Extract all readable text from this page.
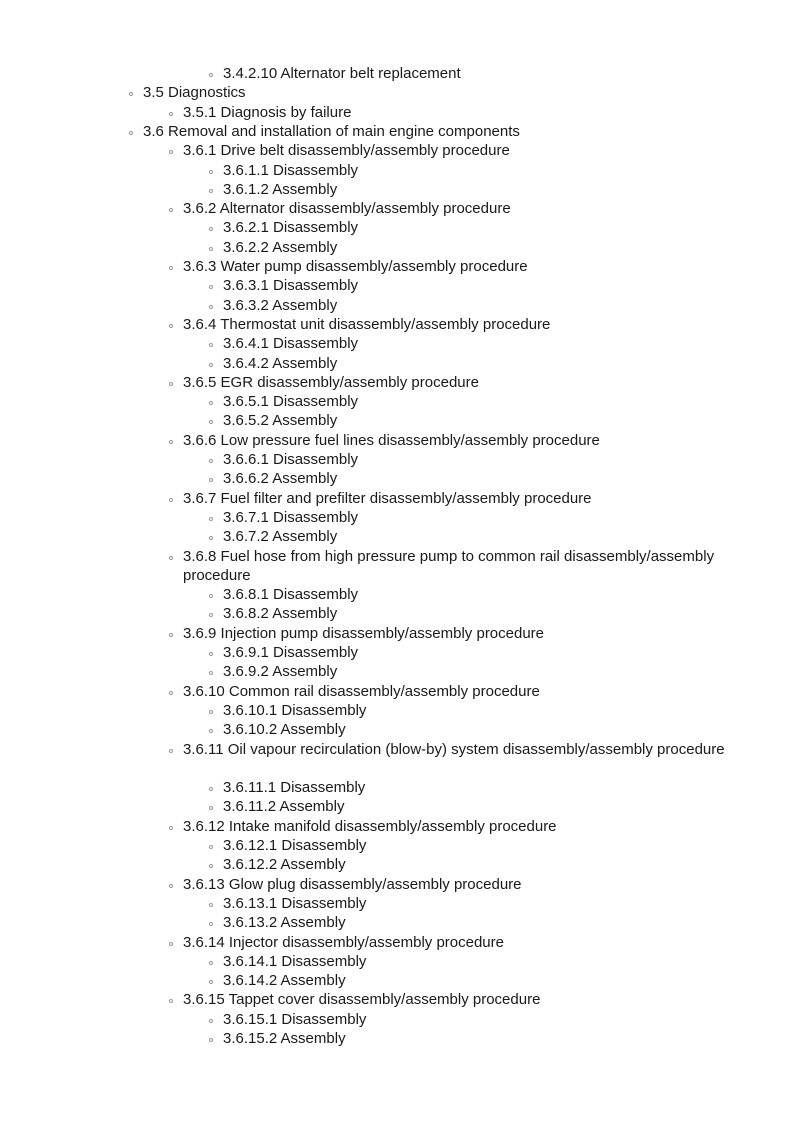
3.4.2.10 Alternator belt replacement
3.5 Diagnostics
3.5.1 Diagnosis by failure
3.6 Removal and installation of main engine components
3.6.1 Drive belt disassembly/assembly procedure
3.6.1.1 Disassembly
3.6.1.2 Assembly
3.6.2 Alternator disassembly/assembly procedure
3.6.2.1 Disassembly
3.6.2.2 Assembly
3.6.3 Water pump disassembly/assembly procedure
3.6.3.1 Disassembly
3.6.3.2 Assembly
3.6.4 Thermostat unit disassembly/assembly procedure
3.6.4.1 Disassembly
3.6.4.2 Assembly
3.6.5 EGR disassembly/assembly procedure
3.6.5.1 Disassembly
3.6.5.2 Assembly
3.6.6 Low pressure fuel lines disassembly/assembly procedure
3.6.6.1 Disassembly
3.6.6.2 Assembly
3.6.7 Fuel filter and prefilter disassembly/assembly procedure
3.6.7.1 Disassembly
3.6.7.2 Assembly
3.6.8 Fuel hose from high pressure pump to common rail disassembly/assembly procedure
3.6.8.1 Disassembly
3.6.8.2 Assembly
3.6.9 Injection pump disassembly/assembly procedure
3.6.9.1 Disassembly
3.6.9.2 Assembly
3.6.10 Common rail disassembly/assembly procedure
3.6.10.1 Disassembly
3.6.10.2 Assembly
3.6.11 Oil vapour recirculation (blow-by) system disassembly/assembly procedure
3.6.11.1 Disassembly
3.6.11.2 Assembly
3.6.12 Intake manifold disassembly/assembly procedure
3.6.12.1 Disassembly
3.6.12.2 Assembly
3.6.13 Glow plug disassembly/assembly procedure
3.6.13.1 Disassembly
3.6.13.2 Assembly
3.6.14 Injector disassembly/assembly procedure
3.6.14.1 Disassembly
3.6.14.2 Assembly
3.6.15 Tappet cover disassembly/assembly procedure
3.6.15.1 Disassembly
3.6.15.2 Assembly
